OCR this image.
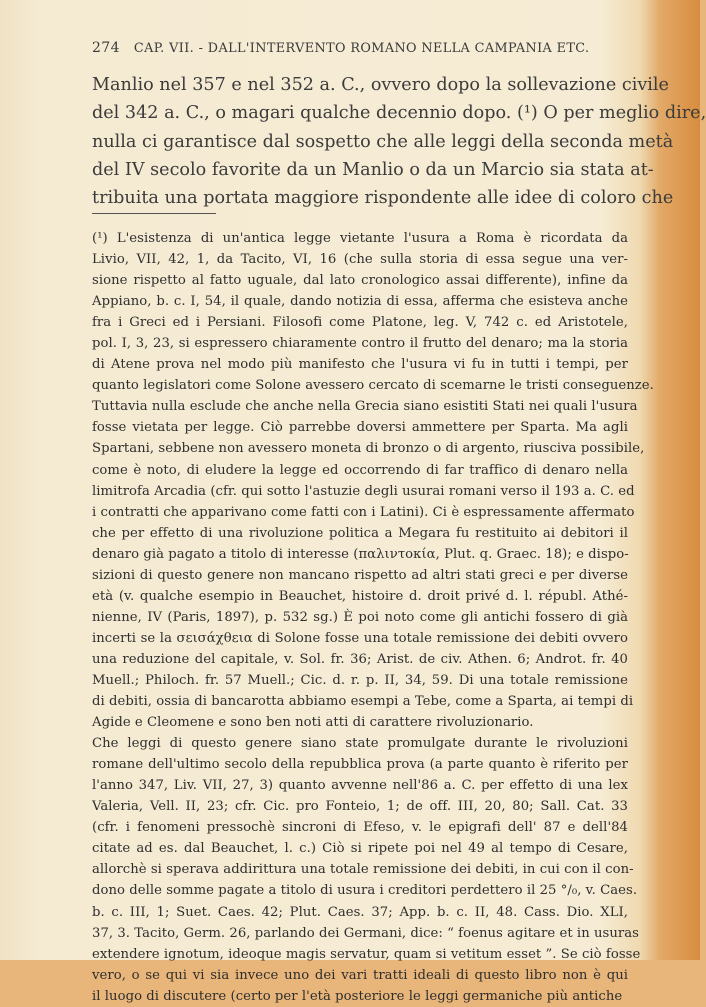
274 CAP. VII. - DALL'INTERVENTO ROMANO NELLA CAMPANIA ETC.
Manlio nel 357 e nel 352 a. C., ovvero dopo la sollevazione civile
del 342 a. C., o magari qualche decennio dopo. (¹) O per meglio dire,
nulla ci garantisce dal sospetto che alle leggi della seconda metà
del IV secolo favorite da un Manlio o da un Marcio sia stata at-
tribuita una portata maggiore rispondente alle idee di coloro che
(¹) L'esistenza di un'antica legge vietante l'usura a Roma è ricordata da
Livio, VII, 42, 1, da Tacito, VI, 16 (che sulla storia di essa segue una ver-
sione rispetto al fatto uguale, dal lato cronologico assai differente), infine da
Appiano, b. c. I, 54, il quale, dando notizia di essa, afferma che esisteva anche
fra i Greci ed i Persiani. Filosofi come Platone, leg. V, 742 c. ed Aristotele,
pol. I, 3, 23, si espressero chiaramente contro il frutto del denaro; ma la storia
di Atene prova nel modo più manifesto che l'usura vi fu in tutti i tempi, per
quanto legislatori come Solone avessero cercato di scemarne le tristi conseguenze.
Tuttavia nulla esclude che anche nella Grecia siano esistiti Stati nei quali l'usura
fosse vietata per legge. Ciò parrebbe doversi ammettere per Sparta. Ma agli
Spartani, sebbene non avessero moneta di bronzo o di argento, riusciva possibile,
come è noto, di eludere la legge ed occorrendo di far traffico di denaro nella
limitrofa Arcadia (cfr. qui sotto l'astuzie degli usurai romani verso il 193 a. C. ed
i contratti che apparivano come fatti con i Latini). Ci è espressamente affermato
che per effetto di una rivoluzione politica a Megara fu restituito ai debitori il
denaro già pagato a titolo di interesse (παλιντοκία, Plut. q. Graec. 18); e dispo-
sizioni di questo genere non mancano rispetto ad altri stati greci e per diverse
età (v. qualche esempio in Beauchet, histoire d. droit privé d. l. républ. Athé-
nienne, IV (Paris, 1897), p. 532 sg.) È poi noto come gli antichi fossero di già
incerti se la σεισάχθεια di Solone fosse una totale remissione dei debiti ovvero
una reduzione del capitale, v. Sol. fr. 36; Arist. de civ. Athen. 6; Androt. fr. 40
Muell.; Philoch. fr. 57 Muell.; Cic. d. r. p. II, 34, 59. Di una totale remissione
di debiti, ossia di bancarotta abbiamo esempi a Tebe, come a Sparta, ai tempi di
Agide e Cleomene e sono ben noti atti di carattere rivoluzionario.
Che leggi di questo genere siano state promulgate durante le rivoluzioni
romane dell'ultimo secolo della repubblica prova (a parte quanto è riferito per
l'anno 347, Liv. VII, 27, 3) quanto avvenne nell'86 a. C. per effetto di una lex
Valeria, Vell. II, 23; cfr. Cic. pro Fonteio, 1; de off. III, 20, 80; Sall. Cat. 33
(cfr. i fenomeni pressochè sincroni di Efeso, v. le epigrafi dell' 87 e dell'84
citate ad es. dal Beauchet, l. c.) Ciò si ripete poi nel 49 al tempo di Cesare,
allorchè si sperava addirittura una totale remissione dei debiti, in cui con il con-
dono delle somme pagate a titolo di usura i creditori perdettero il 25 °/₀, v. Caes.
b. c. III, 1; Suet. Caes. 42; Plut. Caes. 37; App. b. c. II, 48. Cass. Dio. XLI,
37, 3. Tacito, Germ. 26, parlando dei Germani, dice: “ foenus agitare et in usuras
extendere ignotum, ideoque magis servatur, quam si vetitum esset ”. Se ciò fosse
vero, o se qui vi sia invece uno dei vari tratti ideali di questo libro non è qui
il luogo di discutere (certo per l'età posteriore le leggi germaniche più antiche
